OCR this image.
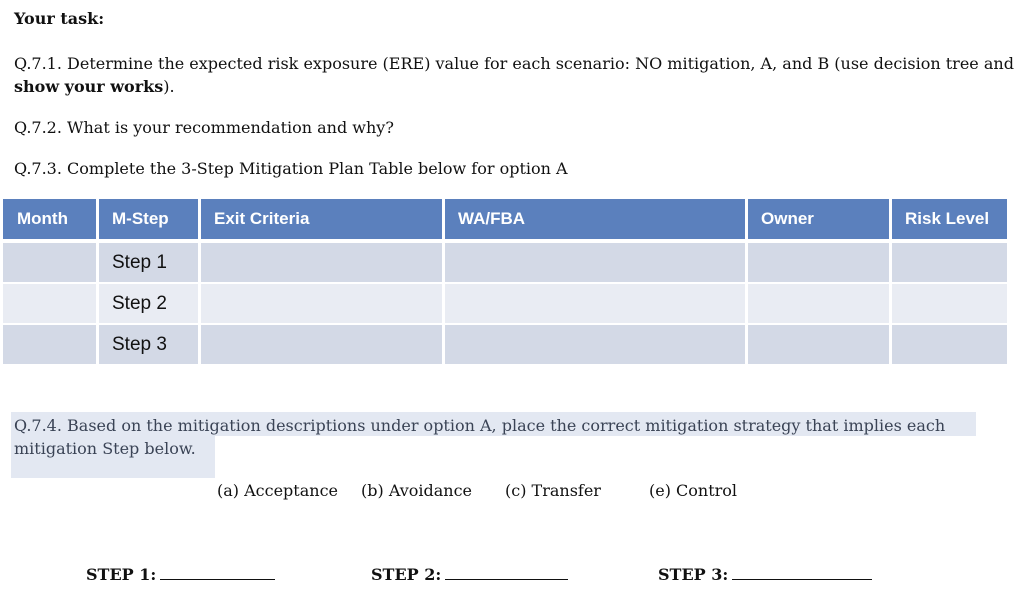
Your task:
Q.7.1. Determine the expected risk exposure (ERE) value for each scenario: NO mitigation, A, and B (use decision tree and show your works).
Q.7.2. What is your recommendation and why?
Q.7.3. Complete the 3-Step Mitigation Plan Table below for option A
Month	M-Step	Exit Criteria	WA/FBA	Owner	Risk Level
	Step 1				
	Step 2				
	Step 3				
Q.7.4. Based on the mitigation descriptions under option A, place the correct mitigation strategy that implies each mitigation Step below.
(a) Acceptance (b) Avoidance (c) Transfer	(e) Control
STEP 1:	STEP 2:	STEP 3:
